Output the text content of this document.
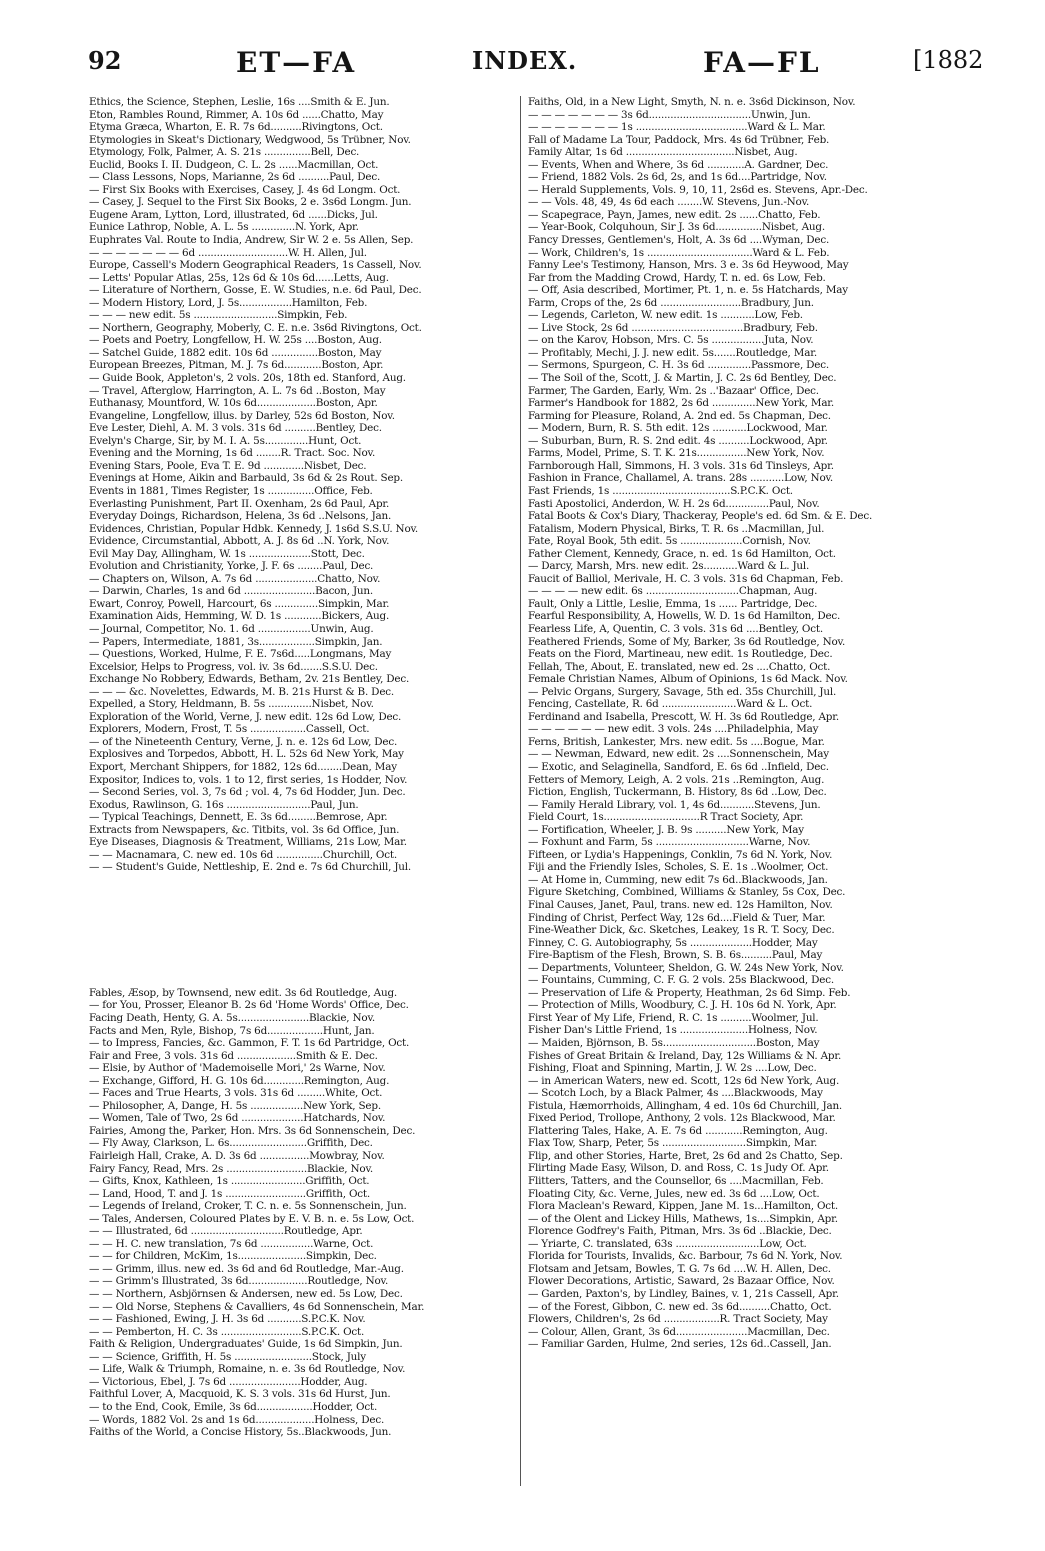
92	ET—FA	INDEX.	FA—FL	[1882
Ethics, the Science, Stephen, Leslie, 16s ....Smith & E. Jun.
Eton, Rambles Round, Rimmer, A. 10s 6d ......Chatto, May
Etyma Græca, Wharton, E. R. 7s 6d..........Rivingtons, Oct.
Etymologies in Skeat's Dictionary, Wedgwood, 5s Trübner, Nov.
Etymology, Folk, Palmer, A. S. 21s ...............Bell, Dec.
Euclid, Books I. II. Dudgeon, C. L. 2s ......Macmillan, Oct.
— Class Lessons, Nops, Marianne, 2s 6d ..........Paul, Dec.
— First Six Books with Exercises, Casey, J. 4s 6d Longm. Oct.
— Casey, J. Sequel to the First Six Books, 2 e. 3s6d Longm. Jun.
Eugene Aram, Lytton, Lord, illustrated, 6d ......Dicks, Jul.
Eunice Lathrop, Noble, A. L. 5s ..............N. York, Apr.
Euphrates Val. Route to India, Andrew, Sir W. 2 e. 5s Allen, Sep.
— — — — — — — 6d .............................W. H. Allen, Jul.
Europe, Cassell's Modern Geographical Readers, 1s Cassell, Nov.
— Letts' Popular Atlas, 25s, 12s 6d & 10s 6d......Letts, Aug.
— Literature of Northern, Gosse, E. W. Studies, n.e. 6d Paul, Dec.
— Modern History, Lord, J. 5s.................Hamilton, Feb.
— — — new edit. 5s ...........................Simpkin, Feb.
— Northern, Geography, Moberly, C. E. n.e. 3s6d Rivingtons, Oct.
— Poets and Poetry, Longfellow, H. W. 25s ....Boston, Aug.
— Satchel Guide, 1882 edit. 10s 6d ...............Boston, May
European Breezes, Pitman, M. J. 7s 6d............Boston, Apr.
— Guide Book, Appleton's, 2 vols. 20s, 18th ed. Stanford, Aug.
— Travel, Afterglow, Harrington, A. L. 7s 6d ..Boston, May
Euthanasy, Mountford, W. 10s 6d...................Boston, Apr.
Evangeline, Longfellow, illus. by Darley, 52s 6d Boston, Nov.
Eve Lester, Diehl, A. M. 3 vols. 31s 6d ..........Bentley, Dec.
Evelyn's Charge, Sir, by M. I. A. 5s..............Hunt, Oct.
Evening and the Morning, 1s 6d ........R. Tract. Soc. Nov.
Evening Stars, Poole, Eva T. E. 9d .............Nisbet, Dec.
Evenings at Home, Aikin and Barbauld, 3s 6d & 2s Rout. Sep.
Events in 1881, Times Register, 1s ...............Office, Feb.
Everlasting Punishment, Part II. Oxenham, 2s 6d Paul, Apr.
Everyday Doings, Richardson, Helena, 3s 6d ..Nelsons, Jan.
Evidences, Christian, Popular Hdbk. Kennedy, J. 1s6d S.S.U. Nov.
Evidence, Circumstantial, Abbott, A. J. 8s 6d ..N. York, Nov.
Evil May Day, Allingham, W. 1s ....................Stott, Dec.
Evolution and Christianity, Yorke, J. F. 6s ........Paul, Dec.
— Chapters on, Wilson, A. 7s 6d ....................Chatto, Nov.
— Darwin, Charles, 1s and 6d .......................Bacon, Jun.
Ewart, Conroy, Powell, Harcourt, 6s ..............Simpkin, Mar.
Examination Aids, Hemming, W. D. 1s ............Bickers, Aug.
— Journal, Competitor, No. 1. 6d .................Unwin, Aug.
— Papers, Intermediate, 1881, 3s..................Simpkin, Jan.
— Questions, Worked, Hulme, F. E. 7s6d.....Longmans, May
Excelsior, Helps to Progress, vol. iv. 3s 6d.......S.S.U. Dec.
Exchange No Robbery, Edwards, Betham, 2v. 21s Bentley, Dec.
— — — &c. Novelettes, Edwards, M. B. 21s Hurst & B. Dec.
Expelled, a Story, Heldmann, B. 5s ..............Nisbet, Nov.
Exploration of the World, Verne, J. new edit. 12s 6d Low, Dec.
Explorers, Modern, Frost, T. 5s ..................Cassell, Oct.
— of the Nineteenth Century, Verne, J. n. e. 12s 6d Low, Dec.
Explosives and Torpedos, Abbott, H. L. 52s 6d New York, May
Export, Merchant Shippers, for 1882, 12s 6d........Dean, May
Expositor, Indices to, vols. 1 to 12, first series, 1s Hodder, Nov.
— Second Series, vol. 3, 7s 6d ; vol. 4, 7s 6d Hodder, Jun. Dec.
Exodus, Rawlinson, G. 16s ...........................Paul, Jun.
— Typical Teachings, Dennett, E. 3s 6d.........Bemrose, Apr.
Extracts from Newspapers, &c. Titbits, vol. 3s 6d Office, Jun.
Eye Diseases, Diagnosis & Treatment, Williams, 21s Low, Mar.
— — Macnamara, C. new ed. 10s 6d ...............Churchill, Oct.
— — Student's Guide, Nettleship, E. 2nd e. 7s 6d Churchill, Jul.
Fables, Æsop, by Townsend, new edit. 3s 6d Routledge, Aug.
— for You, Prosser, Eleanor B. 2s 6d 'Home Words' Office, Dec.
Facing Death, Henty, G. A. 5s.......................Blackie, Nov.
Facts and Men, Ryle, Bishop, 7s 6d..................Hunt, Jan.
— to Impress, Fancies, &c. Gammon, F. T. 1s 6d Partridge, Oct.
Fair and Free, 3 vols. 31s 6d ...................Smith & E. Dec.
— Elsie, by Author of 'Mademoiselle Mori,' 2s Warne, Nov.
— Exchange, Gifford, H. G. 10s 6d.............Remington, Aug.
— Faces and True Hearts, 3 vols. 31s 6d .........White, Oct.
— Philosopher, A, Dange, H. 5s .................New York, Sep.
— Women, Tale of Two, 2s 6d ....................Hatchards, Nov.
Fairies, Among the, Parker, Hon. Mrs. 3s 6d Sonnenschein, Dec.
— Fly Away, Clarkson, L. 6s.........................Griffith, Dec.
Fairleigh Hall, Crake, A. D. 3s 6d ................Mowbray, Nov.
Fairy Fancy, Read, Mrs. 2s ..........................Blackie, Nov.
— Gifts, Knox, Kathleen, 1s ........................Griffith, Oct.
— Land, Hood, T. and J. 1s ..........................Griffith, Oct.
— Legends of Ireland, Croker, T. C. n. e. 5s Sonnenschein, Jun.
— Tales, Andersen, Coloured Plates by E. V. B. n. e. 5s Low, Oct.
— — Illustrated, 6d ..............................Routledge, Apr.
— — H. C. new translation, 7s 6d .................Warne, Oct.
— — for Children, McKim, 1s......................Simpkin, Dec.
— — Grimm, illus. new ed. 3s 6d and 6d Routledge, Mar.-Aug.
— — Grimm's Illustrated, 3s 6d...................Routledge, Nov.
— — Northern, Asbjörnsen & Andersen, new ed. 5s Low, Dec.
— — Old Norse, Stephens & Cavalliers, 4s 6d Sonnenschein, Mar.
— — Fashioned, Ewing, J. H. 3s 6d ...........S.P.C.K. Nov.
— — Pemberton, H. C. 3s ..........................S.P.C.K. Oct.
Faith & Religion, Undergraduates' Guide, 1s 6d Simpkin, Jun.
— — Science, Griffith, H. 5s .........................Stock, July
— Life, Walk & Triumph, Romaine, n. e. 3s 6d Routledge, Nov.
— Victorious, Ebel, J. 7s 6d .......................Hodder, Aug.
Faithful Lover, A, Macquoid, K. S. 3 vols. 31s 6d Hurst, Jun.
— to the End, Cook, Emile, 3s 6d..................Hodder, Oct.
— Words, 1882 Vol. 2s and 1s 6d...................Holness, Dec.
Faiths of the World, a Concise History, 5s..Blackwoods, Jun.
Faiths, Old, in a New Light, Smyth, N. n. e. 3s6d Dickinson, Nov.
— — — — — — — 3s 6d.................................Unwin, Jun.
— — — — — — — 1s ....................................Ward & L. Mar.
Fall of Madame La Tour, Paddock, Mrs. 4s 6d Trübner, Feb.
Family Altar, 1s 6d ...................................Nisbet, Aug.
— Events, When and Where, 3s 6d ............A. Gardner, Dec.
— Friend, 1882 Vols. 2s 6d, 2s, and 1s 6d....Partridge, Nov.
— Herald Supplements, Vols. 9, 10, 11, 2s6d es. Stevens, Apr.-Dec.
— — Vols. 48, 49, 4s 6d each ........W. Stevens, Jun.-Nov.
— Scapegrace, Payn, James, new edit. 2s ......Chatto, Feb.
— Year-Book, Colquhoun, Sir J. 3s 6d...............Nisbet, Aug.
Fancy Dresses, Gentlemen's, Holt, A. 3s 6d ....Wyman, Dec.
— Work, Children's, 1s ..................................Ward & L. Feb.
Fanny Lee's Testimony, Hanson, Mrs. 3 e. 3s 6d Heywood, May
Far from the Madding Crowd, Hardy, T. n. ed. 6s Low, Feb.
— Off, Asia described, Mortimer, Pt. 1, n. e. 5s Hatchards, May
Farm, Crops of the, 2s 6d ..........................Bradbury, Jun.
— Legends, Carleton, W. new edit. 1s ...........Low, Feb.
— Live Stock, 2s 6d ....................................Bradbury, Feb.
— on the Karov, Hobson, Mrs. C. 5s .................Juta, Nov.
— Profitably, Mechi, J. J. new edit. 5s.......Routledge, Mar.
— Sermons, Spurgeon, C. H. 3s 6d ..............Passmore, Dec.
— The Soil of the, Scott, J. & Martin, J. C. 2s 6d Bentley, Dec.
Farmer, The Garden, Early, Wm. 2s ..'Bazaar' Office, Dec.
Farmer's Handbook for 1882, 2s 6d ..............New York, Mar.
Farming for Pleasure, Roland, A. 2nd ed. 5s Chapman, Dec.
— Modern, Burn, R. S. 5th edit. 12s ...........Lockwood, Mar.
— Suburban, Burn, R. S. 2nd edit. 4s ..........Lockwood, Apr.
Farms, Model, Prime, S. T. K. 21s................New York, Nov.
Farnborough Hall, Simmons, H. 3 vols. 31s 6d Tinsleys, Apr.
Fashion in France, Challamel, A. trans. 28s ...........Low, Nov.
Fast Friends, 1s ......................................S.P.C.K. Oct.
Fasti Apostolici, Anderdon, W. H. 2s 6d..............Paul, Nov.
Fatal Boots & Cox's Diary, Thackeray, People's ed. 6d Sm. & E. Dec.
Fatalism, Modern Physical, Birks, T. R. 6s ..Macmillan, Jul.
Fate, Royal Book, 5th edit. 5s ....................Cornish, Nov.
Father Clement, Kennedy, Grace, n. ed. 1s 6d Hamilton, Oct.
— Darcy, Marsh, Mrs. new edit. 2s...........Ward & L. Jul.
Faucit of Balliol, Merivale, H. C. 3 vols. 31s 6d Chapman, Feb.
— — — — new edit. 6s ..............................Chapman, Aug.
Fault, Only a Little, Leslie, Emma, 1s ...... Partridge, Dec.
Fearful Responsibility, A, Howells, W. D. 1s 6d Hamilton, Dec.
Fearless Life, A, Quentin, C. 3 vols. 31s 6d ....Bentley, Oct.
Feathered Friends, Some of My, Barker, 3s 6d Routledge, Nov.
Feats on the Fiord, Martineau, new edit. 1s Routledge, Dec.
Fellah, The, About, E. translated, new ed. 2s ....Chatto, Oct.
Female Christian Names, Album of Opinions, 1s 6d Mack. Nov.
— Pelvic Organs, Surgery, Savage, 5th ed. 35s Churchill, Jul.
Fencing, Castellate, R. 6d ........................Ward & L. Oct.
Ferdinand and Isabella, Prescott, W. H. 3s 6d Routledge, Apr.
— — — — — — new edit. 3 vols. 24s ....Philadelphia, May
Ferns, British, Lankester, Mrs. new edit. 5s ....Bogue, Mar.
— — Newman, Edward, new edit. 2s ....Sonnenschein, May
— Exotic, and Selaginella, Sandford, E. 6s 6d ..Infield, Dec.
Fetters of Memory, Leigh, A. 2 vols. 21s ..Remington, Aug.
Fiction, English, Tuckermann, B. History, 8s 6d ..Low, Dec.
— Family Herald Library, vol. 1, 4s 6d...........Stevens, Jun.
Field Court, 1s...............................R Tract Society, Apr.
— Fortification, Wheeler, J. B. 9s ..........New York, May
— Foxhunt and Farm, 5s ..............................Warne, Nov.
Fifteen, or Lydia's Happenings, Conklin, 7s 6d N. York, Nov.
Fiji and the Friendly Isles, Scholes, S. E. 1s ..Woolmer, Oct.
— At Home in, Cumming, new edit 7s 6d..Blackwoods, Jan.
Figure Sketching, Combined, Williams & Stanley, 5s Cox, Dec.
Final Causes, Janet, Paul, trans. new ed. 12s Hamilton, Nov.
Finding of Christ, Perfect Way, 12s 6d....Field & Tuer, Mar.
Fine-Weather Dick, &c. Sketches, Leakey, 1s R. T. Socy, Dec.
Finney, C. G. Autobiography, 5s ....................Hodder, May
Fire-Baptism of the Flesh, Brown, S. B. 6s..........Paul, May
— Departments, Volunteer, Sheldon, G. W. 24s New York, Nov.
— Fountains, Cumming, C. F. G. 2 vols. 25s Blackwood, Dec.
— Preservation of Life & Property, Heathman, 2s 6d Simp. Feb.
— Protection of Mills, Woodbury, C. J. H. 10s 6d N. York, Apr.
First Year of My Life, Friend, R. C. 1s ..........Woolmer, Jul.
Fisher Dan's Little Friend, 1s ......................Holness, Nov.
— Maiden, Björnson, B. 5s..............................Boston, May
Fishes of Great Britain & Ireland, Day, 12s Williams & N. Apr.
Fishing, Float and Spinning, Martin, J. W. 2s ....Low, Dec.
— in American Waters, new ed. Scott, 12s 6d New York, Aug.
— Scotch Loch, by a Black Palmer, 4s ....Blackwoods, May
Fistula, Hæmorrhoids, Allingham, 4 ed. 10s 6d Churchill, Jan.
Fixed Period, Trollope, Anthony, 2 vols. 12s Blackwood, Mar.
Flattering Tales, Hake, A. E. 7s 6d ............Remington, Aug.
Flax Tow, Sharp, Peter, 5s ...........................Simpkin, Mar.
Flip, and other Stories, Harte, Bret, 2s 6d and 2s Chatto, Sep.
Flirting Made Easy, Wilson, D. and Ross, C. 1s Judy Of. Apr.
Flitters, Tatters, and the Counsellor, 6s ....Macmillan, Feb.
Floating City, &c. Verne, Jules, new ed. 3s 6d ....Low, Oct.
Flora Maclean's Reward, Kippen, Jane M. 1s...Hamilton, Oct.
— of the Olent and Lickey Hills, Mathews, 1s....Simpkin, Apr.
Florence Godfrey's Faith, Pitman, Mrs. 3s 6d ..Blackie, Dec.
— Yriarte, C. translated, 63s ...........................Low, Oct.
Florida for Tourists, Invalids, &c. Barbour, 7s 6d N. York, Nov.
Flotsam and Jetsam, Bowles, T. G. 7s 6d ....W. H. Allen, Dec.
Flower Decorations, Artistic, Saward, 2s Bazaar Office, Nov.
— Garden, Paxton's, by Lindley, Baines, v. 1, 21s Cassell, Apr.
— of the Forest, Gibbon, C. new ed. 3s 6d..........Chatto, Oct.
Flowers, Children's, 2s 6d ..................R. Tract Society, May
— Colour, Allen, Grant, 3s 6d.......................Macmillan, Dec.
— Familiar Garden, Hulme, 2nd series, 12s 6d..Cassell, Jan.
